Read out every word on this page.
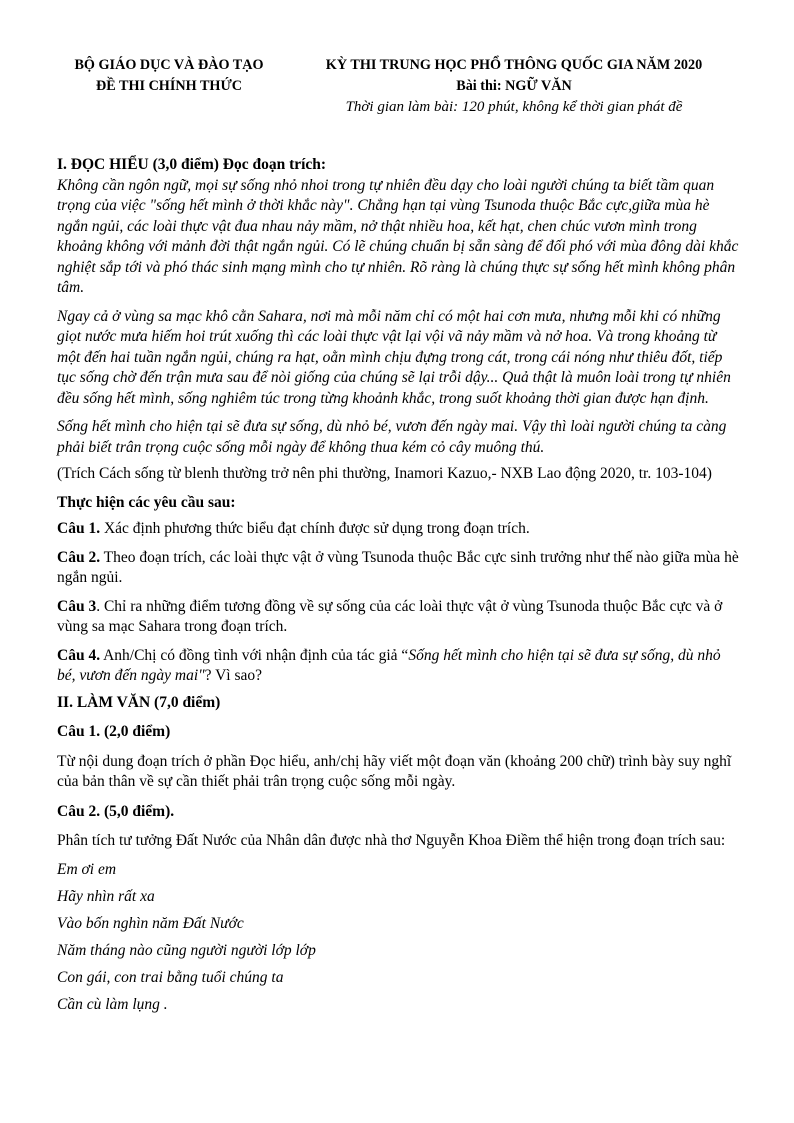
BỘ GIÁO DỤC VÀ ĐÀO TẠO
ĐỀ THI CHÍNH THỨC
KỲ THI TRUNG HỌC PHỔ THÔNG QUỐC GIA NĂM 2020
Bài thi: NGỮ VĂN
Thời gian làm bài: 120 phút, không kể thời gian phát đề

I. ĐỌC HIỂU (3,0 điểm) Đọc đoạn trích:

Không cần ngôn ngữ, mọi sự sống nhỏ nhoi trong tự nhiên đều dạy cho loài người chúng ta biết tầm quan trọng của việc "sống hết mình ở thời khắc này". Chẳng hạn tại vùng Tsunoda thuộc Bắc cực,giữa mùa hè ngắn ngủi, các loài thực vật đua nhau nảy mầm, nở thật nhiều hoa, kết hạt, chen chúc vươn mình trong khoảng không với mảnh đời thật ngắn ngủi. Có lẽ chúng chuẩn bị sẵn sàng để đối phó với mùa đông dài khắc nghiệt sắp tới và phó thác sinh mạng mình cho tự nhiên. Rõ ràng là chúng thực sự sống hết mình không phân tâm.

Ngay cả ở vùng sa mạc khô cằn Sahara, nơi mà mỗi năm chỉ có một hai cơn mưa, nhưng mỗi khi có những giọt nước mưa hiếm hoi trút xuống thì các loài thực vật lại vội vã nảy mầm và nở hoa. Và trong khoảng từ một đến hai tuần ngắn ngủi, chúng ra hạt, oằn mình chịu đựng trong cát, trong cái nóng như thiêu đốt, tiếp tục sống chờ đến trận mưa sau để nòi giống của chúng sẽ lại trỗi dậy... Quả thật là muôn loài trong tự nhiên đều sống hết mình, sống nghiêm túc trong từng khoảnh khắc, trong suốt khoảng thời gian được hạn định.

Sống hết mình cho hiện tại sẽ đưa sự sống, dù nhỏ bé, vươn đến ngày mai. Vậy thì loài người chúng ta càng phải biết trân trọng cuộc sống mỗi ngày để không thua kém cỏ cây muông thú.

(Trích Cách sống từ blenh thường trở nên phi thường, Inamori Kazuo,- NXB Lao động 2020, tr. 103-104)

Thực hiện các yêu cầu sau:

Câu 1. Xác định phương thức biểu đạt chính được sử dụng trong đoạn trích.

Câu 2. Theo đoạn trích, các loài thực vật ở vùng Tsunoda thuộc Bắc cực sinh trưởng như thế nào giữa mùa hè ngắn ngủi.

Câu 3. Chỉ ra những điểm tương đồng về sự sống của các loài thực vật ở vùng Tsunoda thuộc Bắc cực và ở vùng sa mạc Sahara trong đoạn trích.

Câu 4. Anh/Chị có đồng tình với nhận định của tác giả “Sống hết mình cho hiện tại sẽ đưa sự sống, dù nhỏ bé, vươn đến ngày mai"? Vì sao?

II. LÀM VĂN (7,0 điểm)

Câu 1. (2,0 điểm)

Từ nội dung đoạn trích ở phần Đọc hiểu, anh/chị hãy viết một đoạn văn (khoảng 200 chữ) trình bày suy nghĩ của bản thân về sự cần thiết phải trân trọng cuộc sống mỗi ngày.

Câu 2. (5,0 điểm).

Phân tích tư tưởng Đất Nước của Nhân dân được nhà thơ Nguyễn Khoa Điềm thể hiện trong đoạn trích sau:

Em ơi em

Hãy nhìn rất xa

Vào bốn nghìn năm Đất Nước

Năm tháng nào cũng người người lớp lớp

Con gái, con trai bằng tuổi chúng ta

Cần cù làm lụng .
